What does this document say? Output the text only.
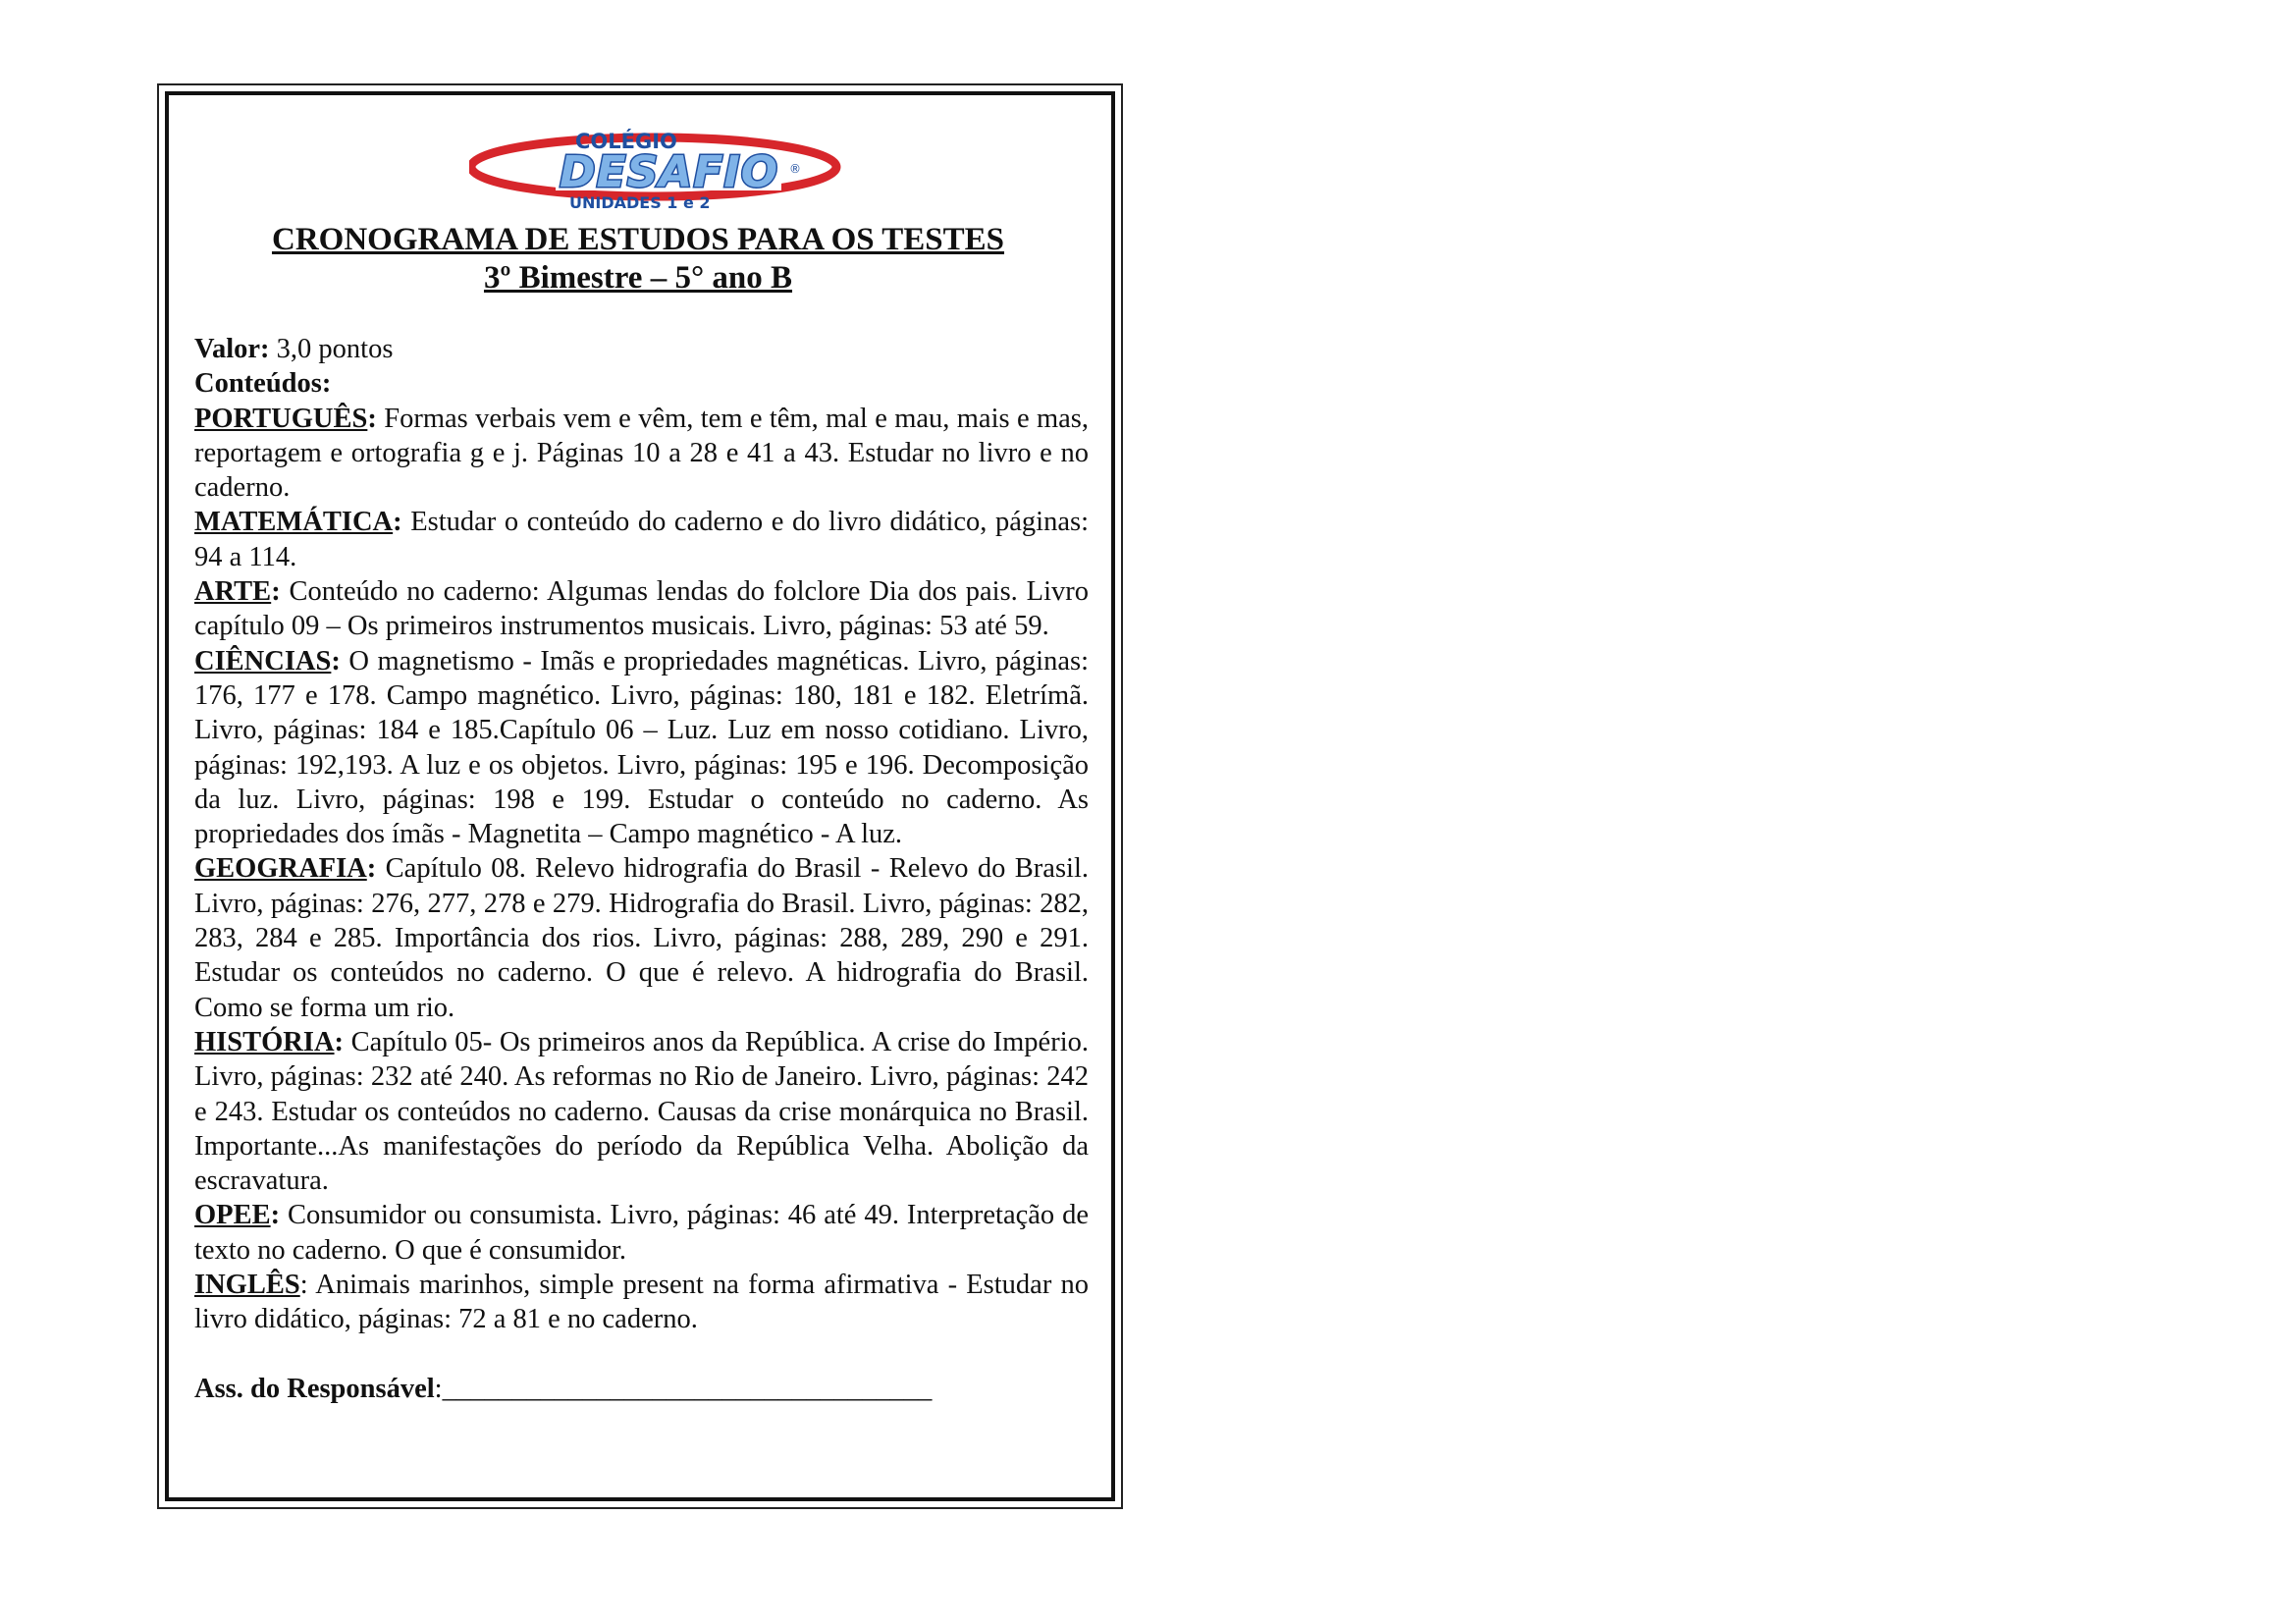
COLÉGIO
DESAFIO ®
UNIDADES 1 e 2
CRONOGRAMA DE ESTUDOS PARA OS TESTES
3º Bimestre – 5° ano B

Valor: 3,0 pontos

Conteúdos:

PORTUGUÊS: Formas verbais vem e vêm, tem e têm, mal e mau, mais e mas, reportagem e ortografia g e j. Páginas 10 a 28 e 41 a 43. Estudar no livro e no caderno.

MATEMÁTICA: Estudar o conteúdo do caderno e do livro didático, páginas: 94 a 114.

ARTE: Conteúdo no caderno: Algumas lendas do folclore Dia dos pais. Livro capítulo 09 – Os primeiros instrumentos musicais. Livro, páginas: 53 até 59.

CIÊNCIAS: O magnetismo - Imãs e propriedades magnéticas. Livro, páginas: 176, 177 e 178. Campo magnético. Livro, páginas: 180, 181 e 182. Eletrímã. Livro, páginas: 184 e 185.Capítulo 06 – Luz. Luz em nosso cotidiano. Livro, páginas: 192,193. A luz e os objetos. Livro, páginas: 195 e 196. Decomposição da luz. Livro, páginas: 198 e 199. Estudar o conteúdo no caderno. As propriedades dos ímãs - Magnetita – Campo magnético - A luz.

GEOGRAFIA: Capítulo 08. Relevo hidrografia do Brasil - Relevo do Brasil. Livro, páginas: 276, 277, 278 e 279. Hidrografia do Brasil. Livro, páginas: 282, 283, 284 e 285. Importância dos rios. Livro, páginas: 288, 289, 290 e 291. Estudar os conteúdos no caderno. O que é relevo. A hidrografia do Brasil. Como se forma um rio.

HISTÓRIA: Capítulo 05- Os primeiros anos da República. A crise do Império. Livro, páginas: 232 até 240. As reformas no Rio de Janeiro. Livro, páginas: 242 e 243. Estudar os conteúdos no caderno. Causas da crise monárquica no Brasil. Importante...As manifestações do período da República Velha. Abolição da escravatura.

OPEE: Consumidor ou consumista. Livro, páginas: 46 até 49. Interpretação de texto no caderno. O que é consumidor.

INGLÊS: Animais marinhos, simple present na forma afirmativa - Estudar no livro didático, páginas: 72 a 81 e no caderno.

Ass. do Responsável:___________________________________
